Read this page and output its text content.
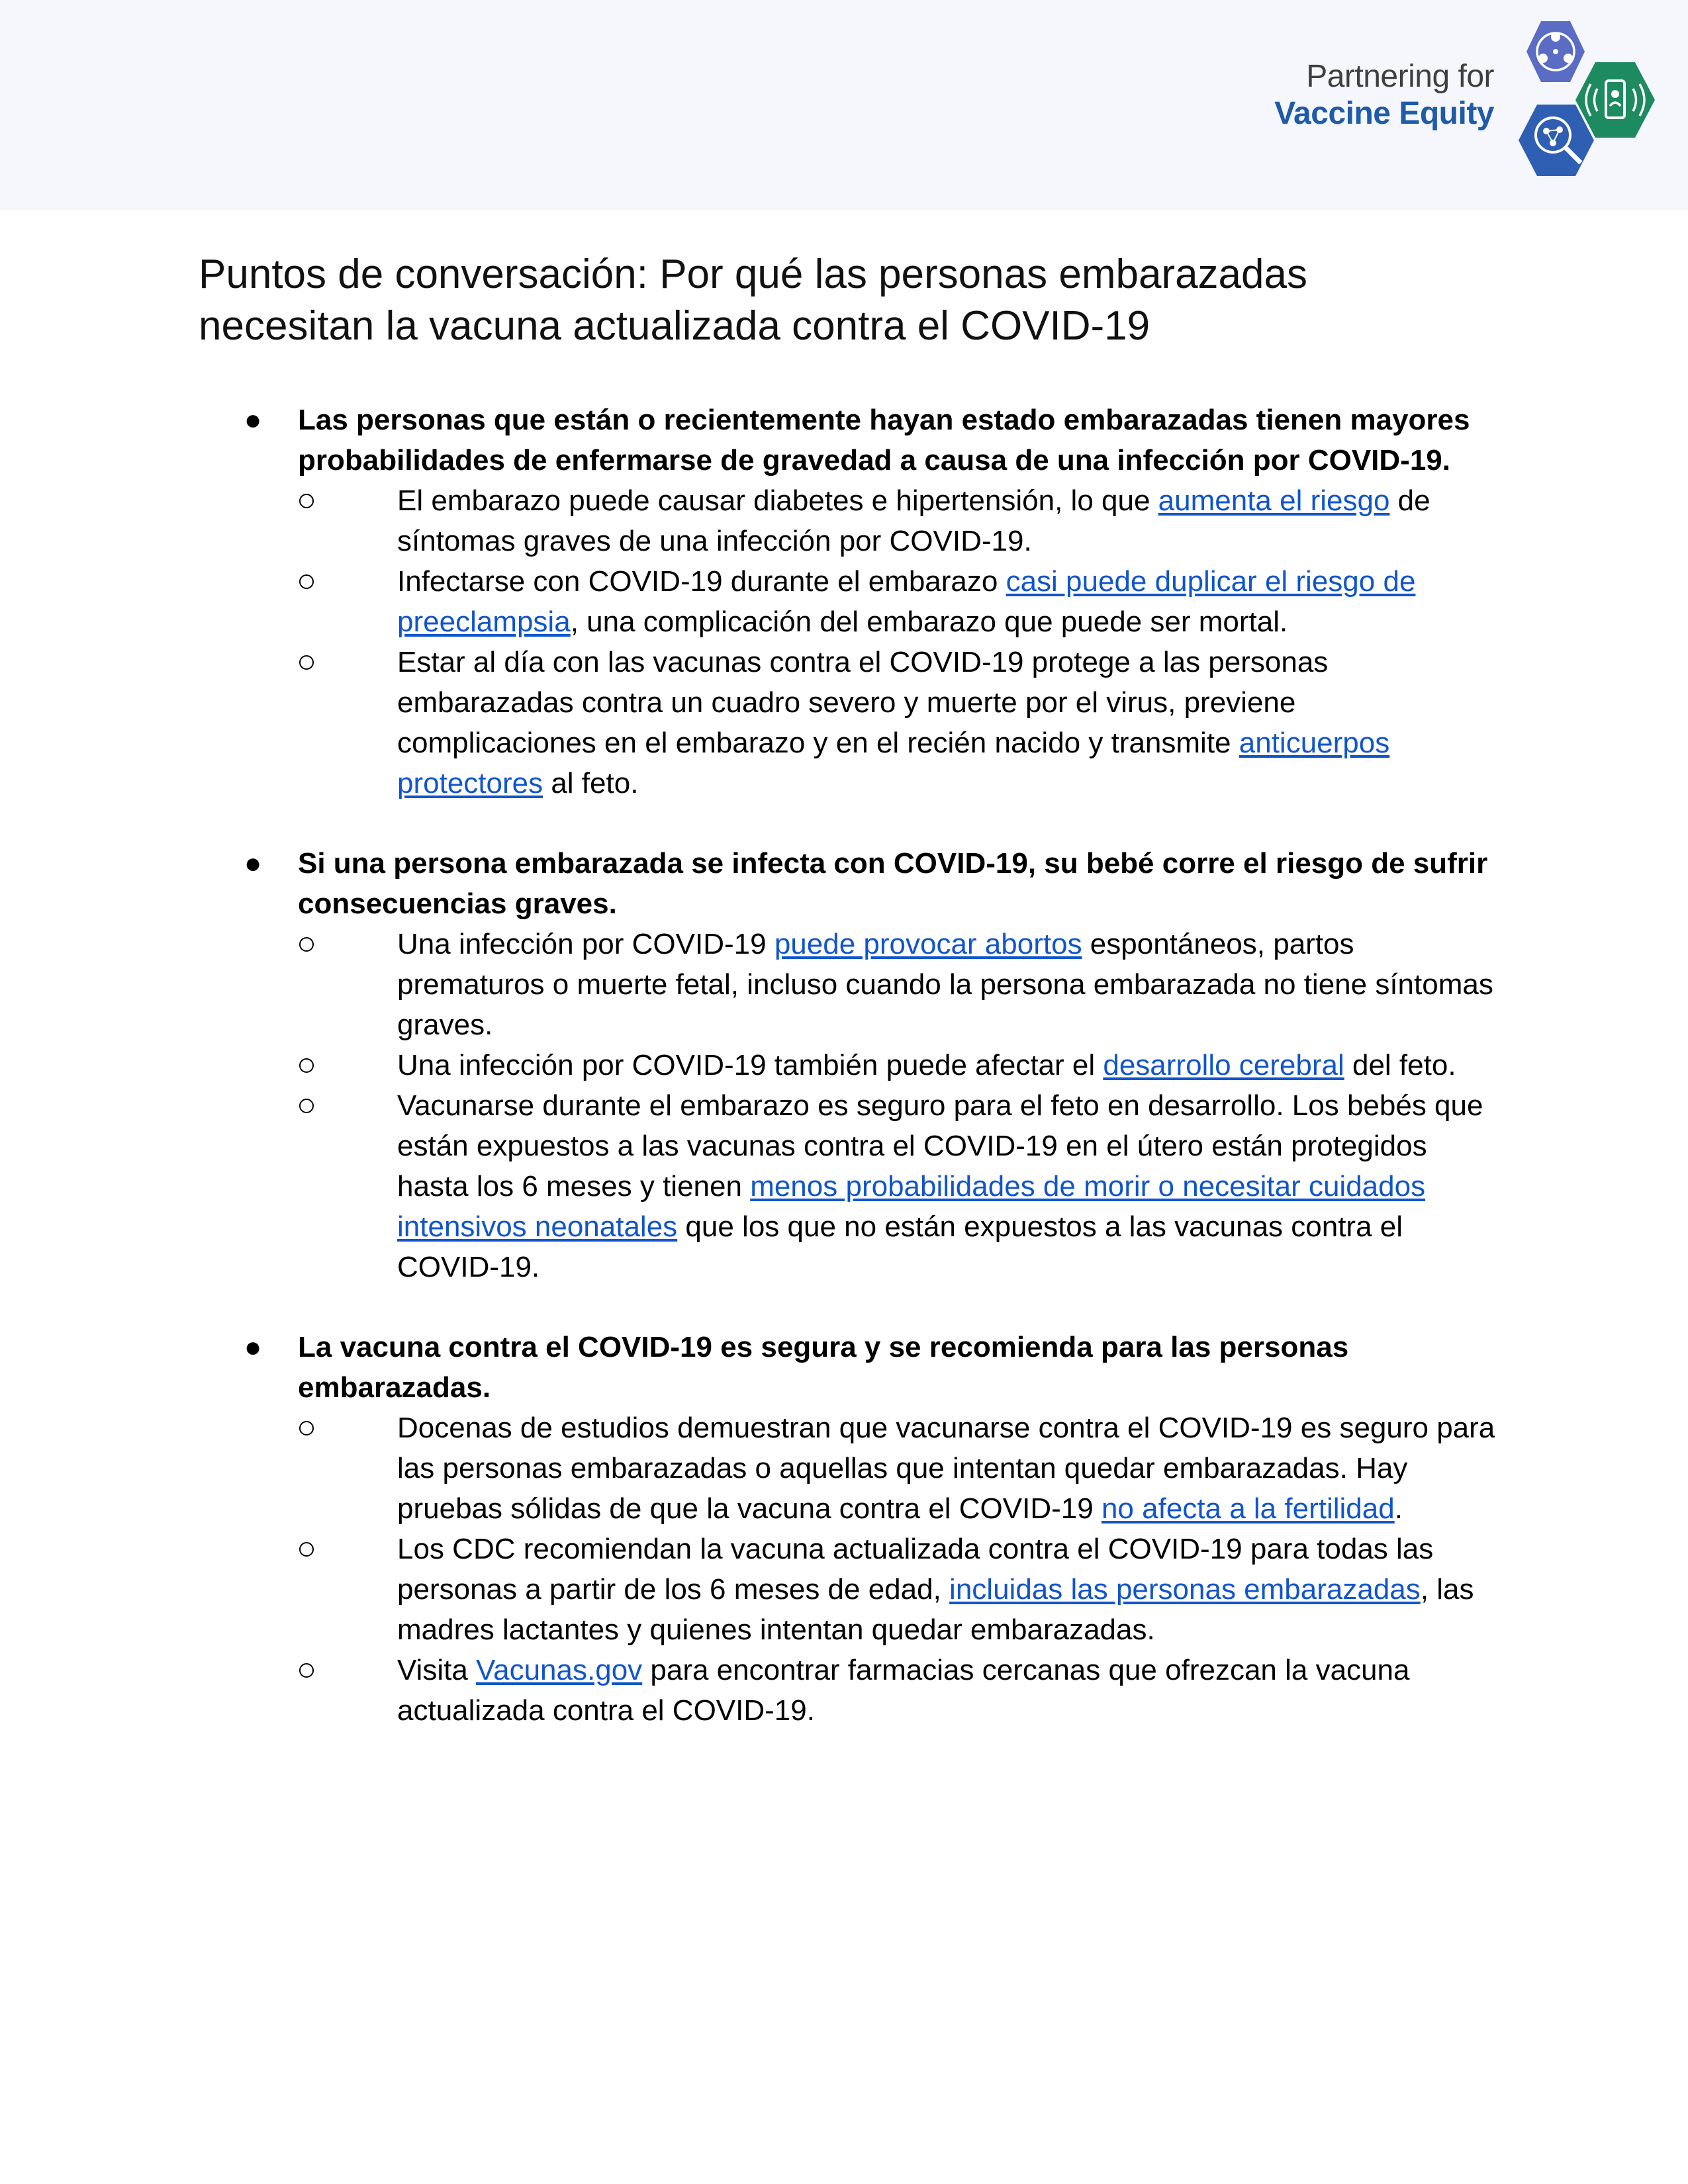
Partnering for
Vaccine Equity
Puntos de conversación: Por qué las personas embarazadas necesitan la vacuna actualizada contra el COVID-19
● Las personas que están o recientemente hayan estado embarazadas tienen mayores probabilidades de enfermarse de gravedad a causa de una infección por COVID-19.

El embarazo puede causar diabetes e hipertensión, lo que aumenta el riesgo de síntomas graves de una infección por COVID-19.
Infectarse con COVID-19 durante el embarazo casi puede duplicar el riesgo de preeclampsia, una complicación del embarazo que puede ser mortal.
Estar al día con las vacunas contra el COVID-19 protege a las personas embarazadas contra un cuadro severo y muerte por el virus, previene complicaciones en el embarazo y en el recién nacido y transmite anticuerpos protectores al feto.
● Si una persona embarazada se infecta con COVID-19, su bebé corre el riesgo de sufrir consecuencias graves.

Una infección por COVID-19 puede provocar abortos espontáneos, partos prematuros o muerte fetal, incluso cuando la persona embarazada no tiene síntomas graves.
Una infección por COVID-19 también puede afectar el desarrollo cerebral del feto.
Vacunarse durante el embarazo es seguro para el feto en desarrollo. Los bebés que están expuestos a las vacunas contra el COVID-19 en el útero están protegidos hasta los 6 meses y tienen menos probabilidades de morir o necesitar cuidados intensivos neonatales que los que no están expuestos a las vacunas contra el COVID-19.
● La vacuna contra el COVID-19 es segura y se recomienda para las personas embarazadas.

Docenas de estudios demuestran que vacunarse contra el COVID-19 es seguro para las personas embarazadas o aquellas que intentan quedar embarazadas. Hay pruebas sólidas de que la vacuna contra el COVID-19 no afecta a la fertilidad.
Los CDC recomiendan la vacuna actualizada contra el COVID-19 para todas las personas a partir de los 6 meses de edad, incluidas las personas embarazadas, las madres lactantes y quienes intentan quedar embarazadas.
Visita Vacunas.gov para encontrar farmacias cercanas que ofrezcan la vacuna actualizada contra el COVID-19.
